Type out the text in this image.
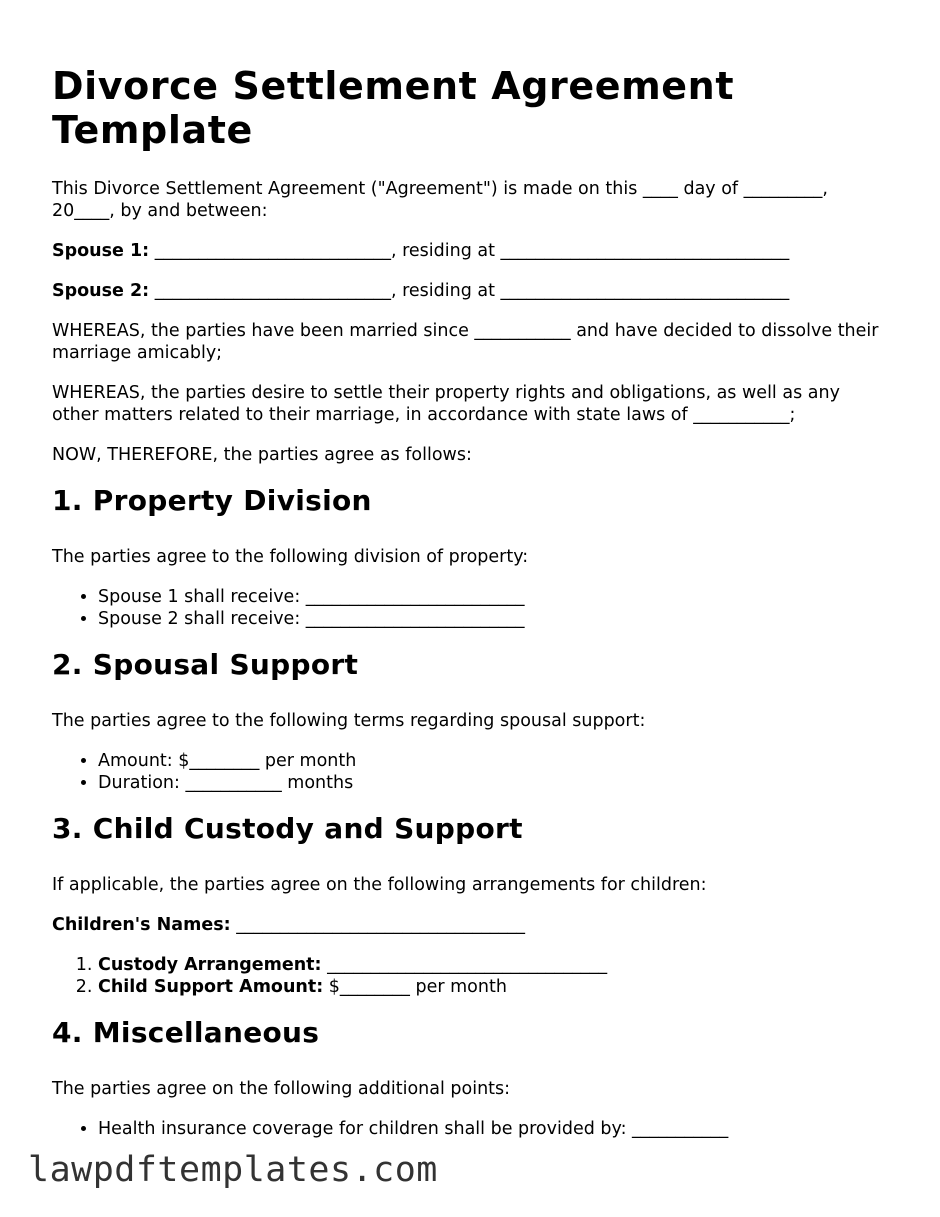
Divorce Settlement Agreement Template

This Divorce Settlement Agreement ("Agreement") is made on this ____ day of _________, 20____, by and between:

Spouse 1: ___________________________, residing at _________________________________

Spouse 2: ___________________________, residing at _________________________________

WHEREAS, the parties have been married since ___________ and have decided to dissolve their marriage amicably;

WHEREAS, the parties desire to settle their property rights and obligations, as well as any other matters related to their marriage, in accordance with state laws of ___________;

NOW, THEREFORE, the parties agree as follows:

1. Property Division

The parties agree to the following division of property:

• Spouse 1 shall receive: _________________________
• Spouse 2 shall receive: _________________________
2. Spousal Support

The parties agree to the following terms regarding spousal support:

• Amount: $________ per month
• Duration: ___________ months
3. Child Custody and Support

If applicable, the parties agree on the following arrangements for children:

Children's Names: _________________________________

1. Custody Arrangement: ________________________________
2. Child Support Amount: $________ per month
4. Miscellaneous

The parties agree on the following additional points:

• Health insurance coverage for children shall be provided by: ___________
lawpdftemplates.com
